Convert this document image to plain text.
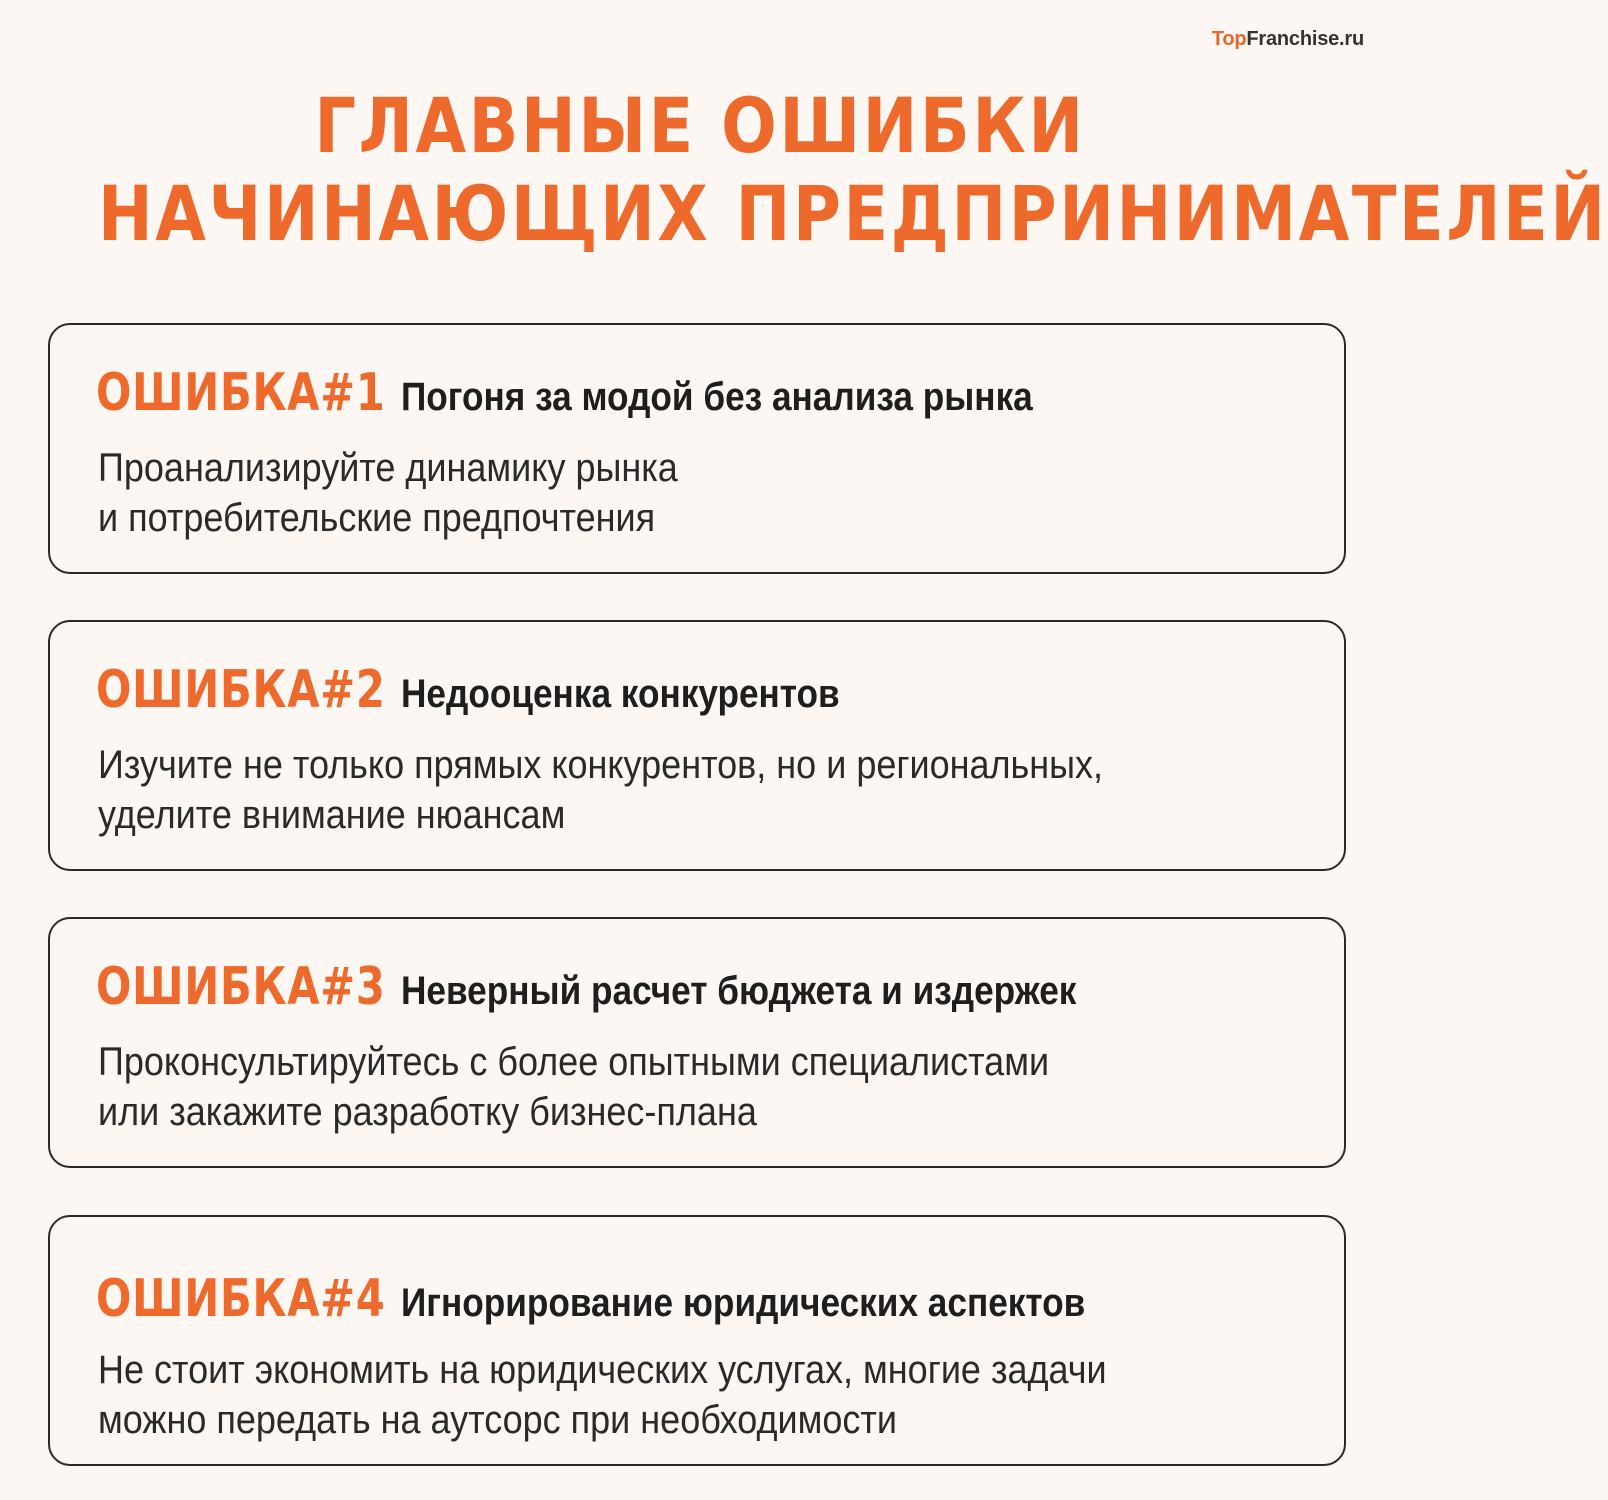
TopFranchise.ru
ГЛАВНЫЕ ОШИБКИ
НАЧИНАЮЩИХ ПРЕДПРИНИМАТЕЛЕЙ
ОШИБКА#1 Погоня за модой без анализа рынка
Проанализируйте динамику рынка
и потребительские предпочтения
ОШИБКА#2 Недооценка конкурентов
Изучите не только прямых конкурентов, но и региональных,
уделите внимание нюансам
ОШИБКА#3 Неверный расчет бюджета и издержек
Проконсультируйтесь с более опытными специалистами
или закажите разработку бизнес-плана
ОШИБКА#4 Игнорирование юридических аспектов
Не стоит экономить на юридических услугах, многие задачи
можно передать на аутсорс при необходимости
